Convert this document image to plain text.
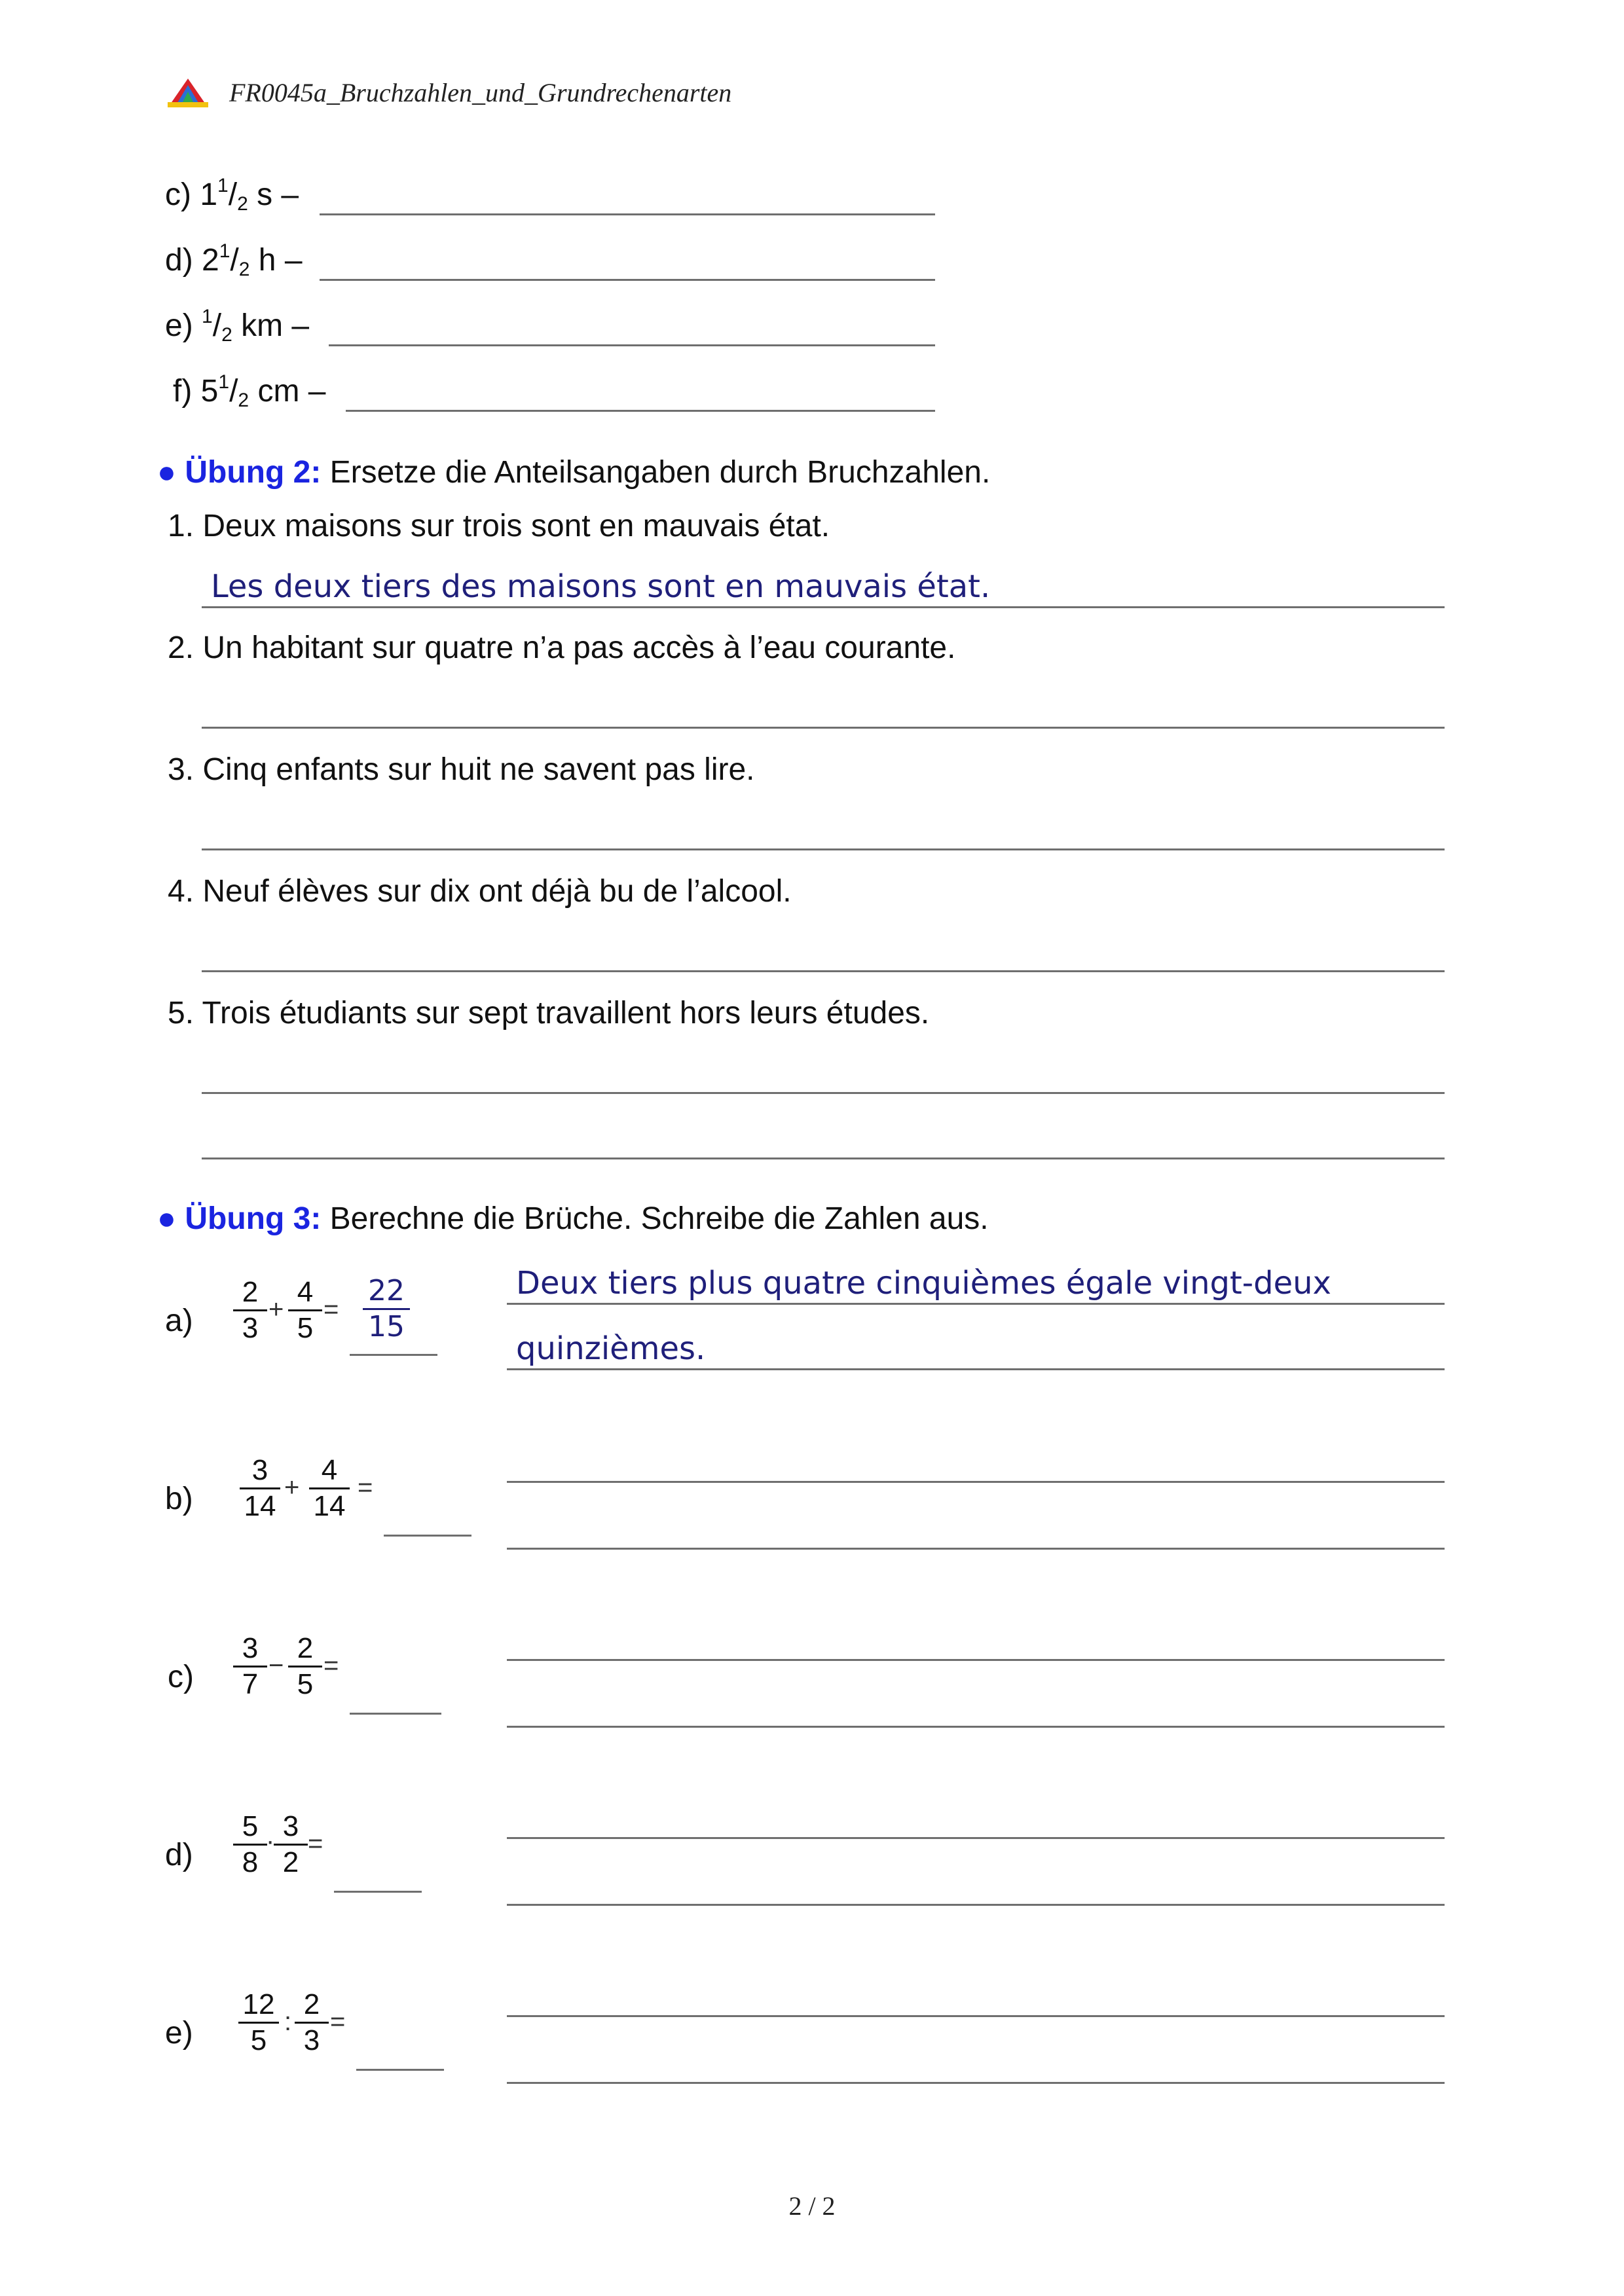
FR0045a_Bruchzahlen_und_Grundrechenarten
c) $1^1/2$ s –
d) $2^1/2$ h –
e) $^1$/2 km –
f) $5^1/2$ cm –
● Übung 2: Ersetze die Anteilsangaben durch Bruchzahlen.
1. Deux maisons sur trois sont en mauvais état.
Les deux tiers des maisons sont en mauvais état.
2. Un habitant sur quatre n’a pas accès à l’eau courante.
3. Cinq enfants sur huit ne savent pas lire.
4. Neuf élèves sur dix ont déjà bu de l’alcool.
5. Trois étudiants sur sept travaillent hors leurs études.
● Übung 3: Berechne die Brüche. Schreibe die Zahlen aus.
a)
2
3
+
4
5
=
22
15
Deux tiers plus quatre cinquièmes égale vingt-deux
quinzièmes.
b)
3
14
+
4
14
=
c)
3
7
−
2
5
=
d)
5
8
· 3
2
=
e)
12
5
:
2
3
=
2 / 2
